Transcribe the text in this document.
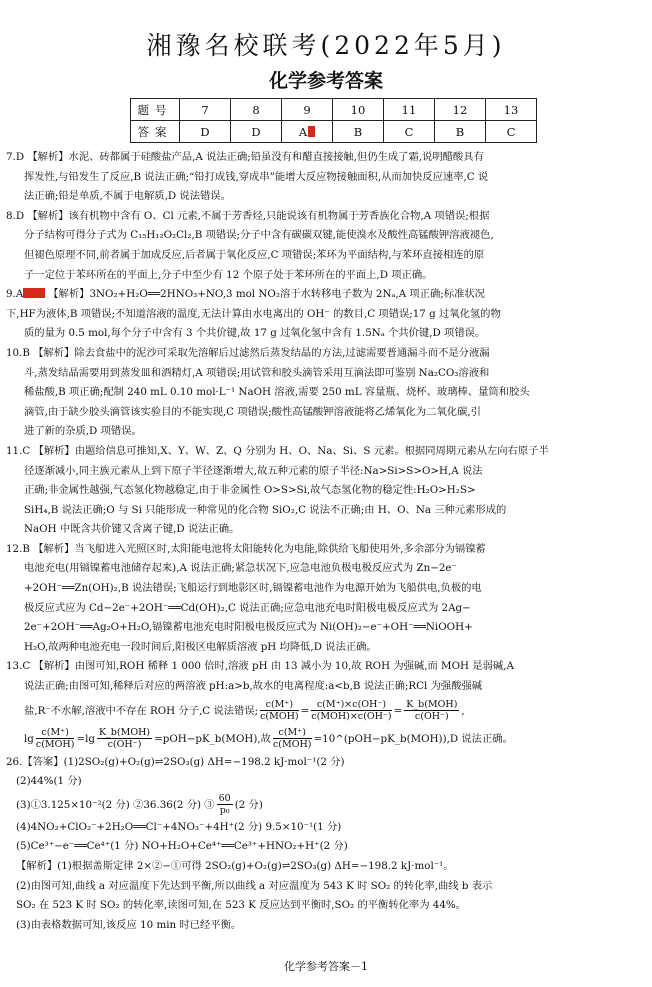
湘豫名校联考(2022年5月)
化学参考答案
题号	7	8	9	10	11	12	13
答案	D	D	A	B	C	B	C

7.D 【解析】水泥、砖都属于硅酸盐产品,A 说法正确;铅虽没有和醋直接接触,但仍生成了霜,说明醋酸具有

挥发性,与铅发生了反应,B 说法正确;“铅打成钱,穿成串”能增大反应物接触面积,从而加快反应速率,C 说

法正确;铅是单质,不属于电解质,D 说法错误。

8.D 【解析】该有机物中含有 O、Cl 元素,不属于芳香烃,只能说该有机物属于芳香族化合物,A 项错误;根据

分子结构可得分子式为 C₁₅H₁₂O₂Cl₂,B 项错误;分子中含有碳碳双键,能使溴水及酸性高锰酸钾溶液褪色,

但褪色原理不同,前者属于加成反应,后者属于氧化反应,C 项错误;苯环为平面结构,与苯环直接相连的原

子一定位于苯环所在的平面上,分子中至少有 12 个原子处于苯环所在的平面上,D 项正确。

9.A 【解析】3NO₂+H₂O══2HNO₃+NO,3 mol NO₂溶于水转移电子数为 2Nₐ,A 项正确;标准状况

下,HF为液体,B 项错误;不知道溶液的温度,无法计算由水电离出的 OH⁻ 的数目,C 项错误;17 g 过氧化氢的物

质的量为 0.5 mol,每个分子中含有 3 个共价键,故 17 g 过氧化氢中含有 1.5Nₐ 个共价键,D 项错误。

10.B 【解析】除去食盐中的泥沙可采取先溶解后过滤然后蒸发结晶的方法,过滤需要普通漏斗而不是分液漏

斗,蒸发结晶需要用到蒸发皿和酒精灯,A 项错误;用试管和胶头滴管采用互滴法即可鉴别 Na₂CO₃溶液和

稀盐酸,B 项正确;配制 240 mL 0.10 mol·L⁻¹ NaOH 溶液,需要 250 mL 容量瓶、烧杯、玻璃棒、量筒和胶头

滴管,由于缺少胶头滴管该实验目的不能实现,C 项错误;酸性高锰酸钾溶液能将乙烯氧化为二氧化碳,引

进了新的杂质,D 项错误。

11.C 【解析】由题给信息可推知,X、Y、W、Z、Q 分别为 H、O、Na、Si、S 元素。根据同周期元素从左向右原子半

径逐渐减小,同主族元素从上到下原子半径逐渐增大,故五种元素的原子半径:Na>Si>S>O>H,A 说法

正确;非金属性越强,气态氢化物越稳定,由于非金属性 O>S>Si,故气态氢化物的稳定性:H₂O>H₂S>

SiH₄,B 说法正确;O 与 Si 只能形成一种常见的化合物 SiO₂,C 说法不正确;由 H、O、Na 三种元素形成的

NaOH 中既含共价键又含离子键,D 说法正确。

12.B 【解析】当飞船进入光照区时,太阳能电池将太阳能转化为电能,除供给飞船使用外,多余部分为镉镍蓄

电池充电(用镉镍蓄电池储存起来),A 说法正确;紧急状况下,应急电池负极电极反应式为 Zn−2e⁻

+2OH⁻══Zn(OH)₂,B 说法错误;飞船运行到地影区时,镉镍蓄电池作为电源开始为飞船供电,负极的电

极反应式应为 Cd−2e⁻+2OH⁻══Cd(OH)₂,C 说法正确;应急电池充电时阳极电极反应式为 2Ag−

2e⁻+2OH⁻══Ag₂O+H₂O,镉镍蓄电池充电时阳极电极反应式为 Ni(OH)₂−e⁻+OH⁻══NiOOH+

H₂O,故两种电池充电一段时间后,阳极区电解质溶液 pH 均降低,D 说法正确。

13.C 【解析】由图可知,ROH 稀释 1 000 倍时,溶液 pH 由 13 减小为 10,故 ROH 为强碱,而 MOH 是弱碱,A

说法正确;由图可知,稀释后对应的两溶液 pH:a>b,故水的电离程度:a<b,B 说法正确;RCl 为强酸强碱

盐,R⁻不水解,溶液中不存在 ROH 分子,C 说法错误; $\frac{c(M^+)}{\text{c(MOH)}} = \frac{c(M^+)\times c(OH^-)}{\text{c(MOH)×c(OH⁻)}} = \frac{\text{K\_b(MOH)}}{c(OH^-)}$ ,

$\lg \frac{c(M^+)}{\text{c(MOH)}} =\lg \frac{\text{K\_b(MOH)}}{c(OH^-)}$ =pOH−pK_b(MOH),故 $\frac{c(M^+)}{\text{c(MOH)}}$ =10^(pOH−pK_b(MOH)),D 说法正确。

26.【答案】(1)2SO₂(g)+O₂(g)⇌2SO₃(g) ΔH=−198.2 kJ·mol⁻¹(2 分)

(2)44%(1 分)

(3)①3.125×10⁻²(2 分) ②36.36(2 分) ③ $\frac{60}{\text{p₀}} (2$ 分)

(4)4NO₂+ClO₂⁻+2H₂O══Cl⁻+4NO₃⁻+4H⁺(2 分) 9.5×10⁻¹(1 分)

(5)Ce³⁺−e⁻══Ce⁴⁺(1 分) NO+H₂O+Ce⁴⁺══Ce³⁺+HNO₂+H⁺(2 分)

【解析】(1)根据盖斯定律 2×②−①可得 2SO₂(g)+O₂(g)⇌2SO₃(g) ΔH=−198.2 kJ·mol⁻¹。

(2)由图可知,曲线 a 对应温度下先达到平衡,所以曲线 a 对应温度为 543 K 时 SO₂ 的转化率,曲线 b 表示

SO₂ 在 523 K 时 SO₂ 的转化率,读图可知,在 523 K 反应达到平衡时,SO₂ 的平衡转化率为 44%。

(3)由表格数据可知,该反应 10 min 时已经平衡。

化学参考答案－1
